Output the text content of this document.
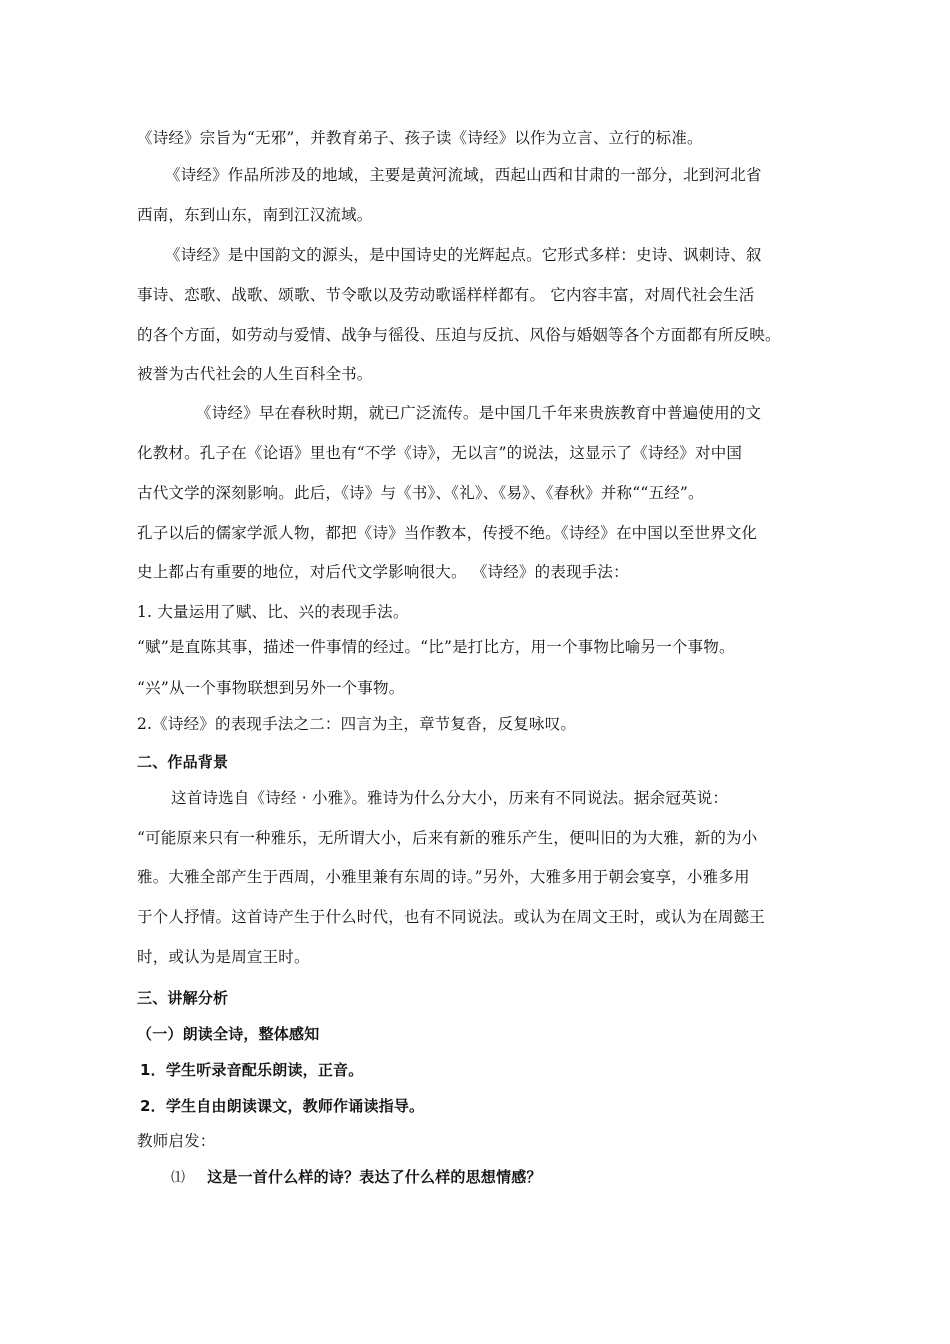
《诗经》宗旨为“无邪”，并教育弟子、孩子读《诗经》以作为立言、立行的标准。
《诗经》作品所涉及的地域，主要是黄河流域，西起山西和甘肃的一部分，北到河北省
西南，东到山东，南到江汉流域。
《诗经》是中国韵文的源头，是中国诗史的光辉起点。它形式多样：史诗、讽刺诗、叙
事诗、恋歌、战歌、颂歌、节令歌以及劳动歌谣样样都有。 它内容丰富，对周代社会生活
的各个方面，如劳动与爱情、战争与徭役、压迫与反抗、风俗与婚姻等各个方面都有所反映。
被誉为古代社会的人生百科全书。
《诗经》早在春秋时期，就已广泛流传。是中国几千年来贵族教育中普遍使用的文
化教材。孔子在《论语》里也有“不学《诗》，无以言”的说法，这显示了《诗经》对中国
古代文学的深刻影响。此后，《诗》与《书》、《礼》、《易》、《春秋》并称““五经”。
孔子以后的儒家学派人物，都把《诗》当作教本，传授不绝。《诗经》在中国以至世界文化
史上都占有重要的地位，对后代文学影响很大。 《诗经》的表现手法：
1. 大量运用了赋、比、兴的表现手法。
“赋”是直陈其事，描述一件事情的经过。“比”是打比方，用一个事物比喻另一个事物。
“兴”从一个事物联想到另外一个事物。
2.《诗经》的表现手法之二：四言为主，章节复沓，反复咏叹。
二、作品背景
这首诗选自《诗经 · 小雅》。雅诗为什么分大小，历来有不同说法。据余冠英说：
“可能原来只有一种雅乐，无所谓大小，后来有新的雅乐产生，便叫旧的为大雅，新的为小
雅。大雅全部产生于西周，小雅里兼有东周的诗。”另外，大雅多用于朝会宴享，小雅多用
于个人抒情。这首诗产生于什么时代，也有不同说法。或认为在周文王时，或认为在周懿王
时，或认为是周宣王时。
三、讲解分析
（一）朗读全诗，整体感知
1．学生听录音配乐朗读，正音。
2．学生自由朗读课文，教师作诵读指导。
教师启发：
⑴ 这是一首什么样的诗？表达了什么样的思想情感？
